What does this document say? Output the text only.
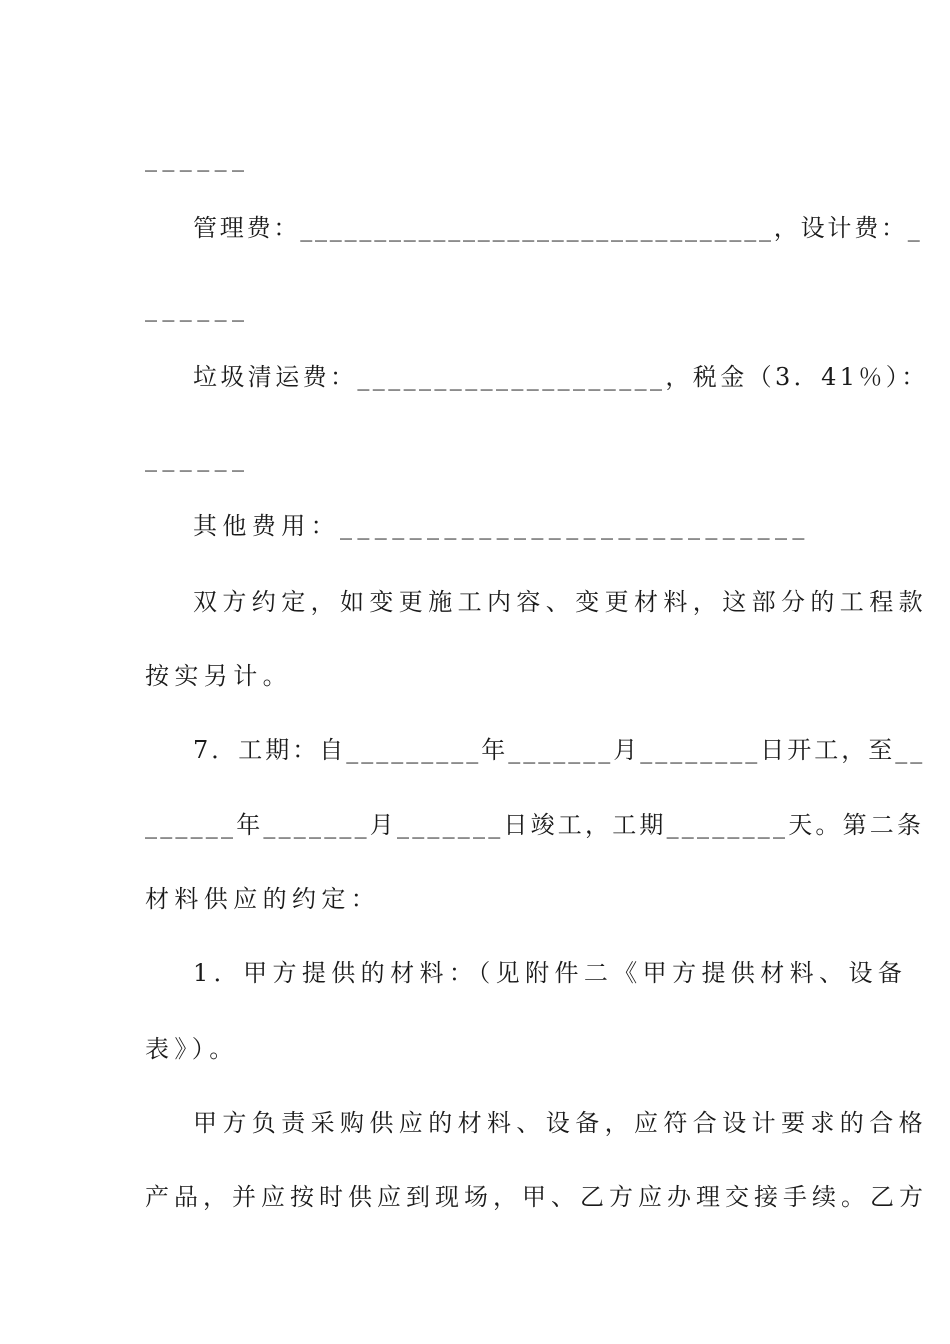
______
管理费：________________________________，设计费：_
______
垃圾清运费：____________________，税金（3．41％）：
______
其他费用：___________________________
双方约定，如变更施工内容、变更材料，这部分的工程款
按实另计。
7．工期：自_________年_______月________日开工，至__
______年_______月_______日竣工，工期________天。第二条
材料供应的约定：
1．甲方提供的材料：（见附件二《甲方提供材料、设备
表》）。
甲方负责采购供应的材料、设备，应符合设计要求的合格
产品，并应按时供应到现场，甲、乙方应办理交接手续。乙方
